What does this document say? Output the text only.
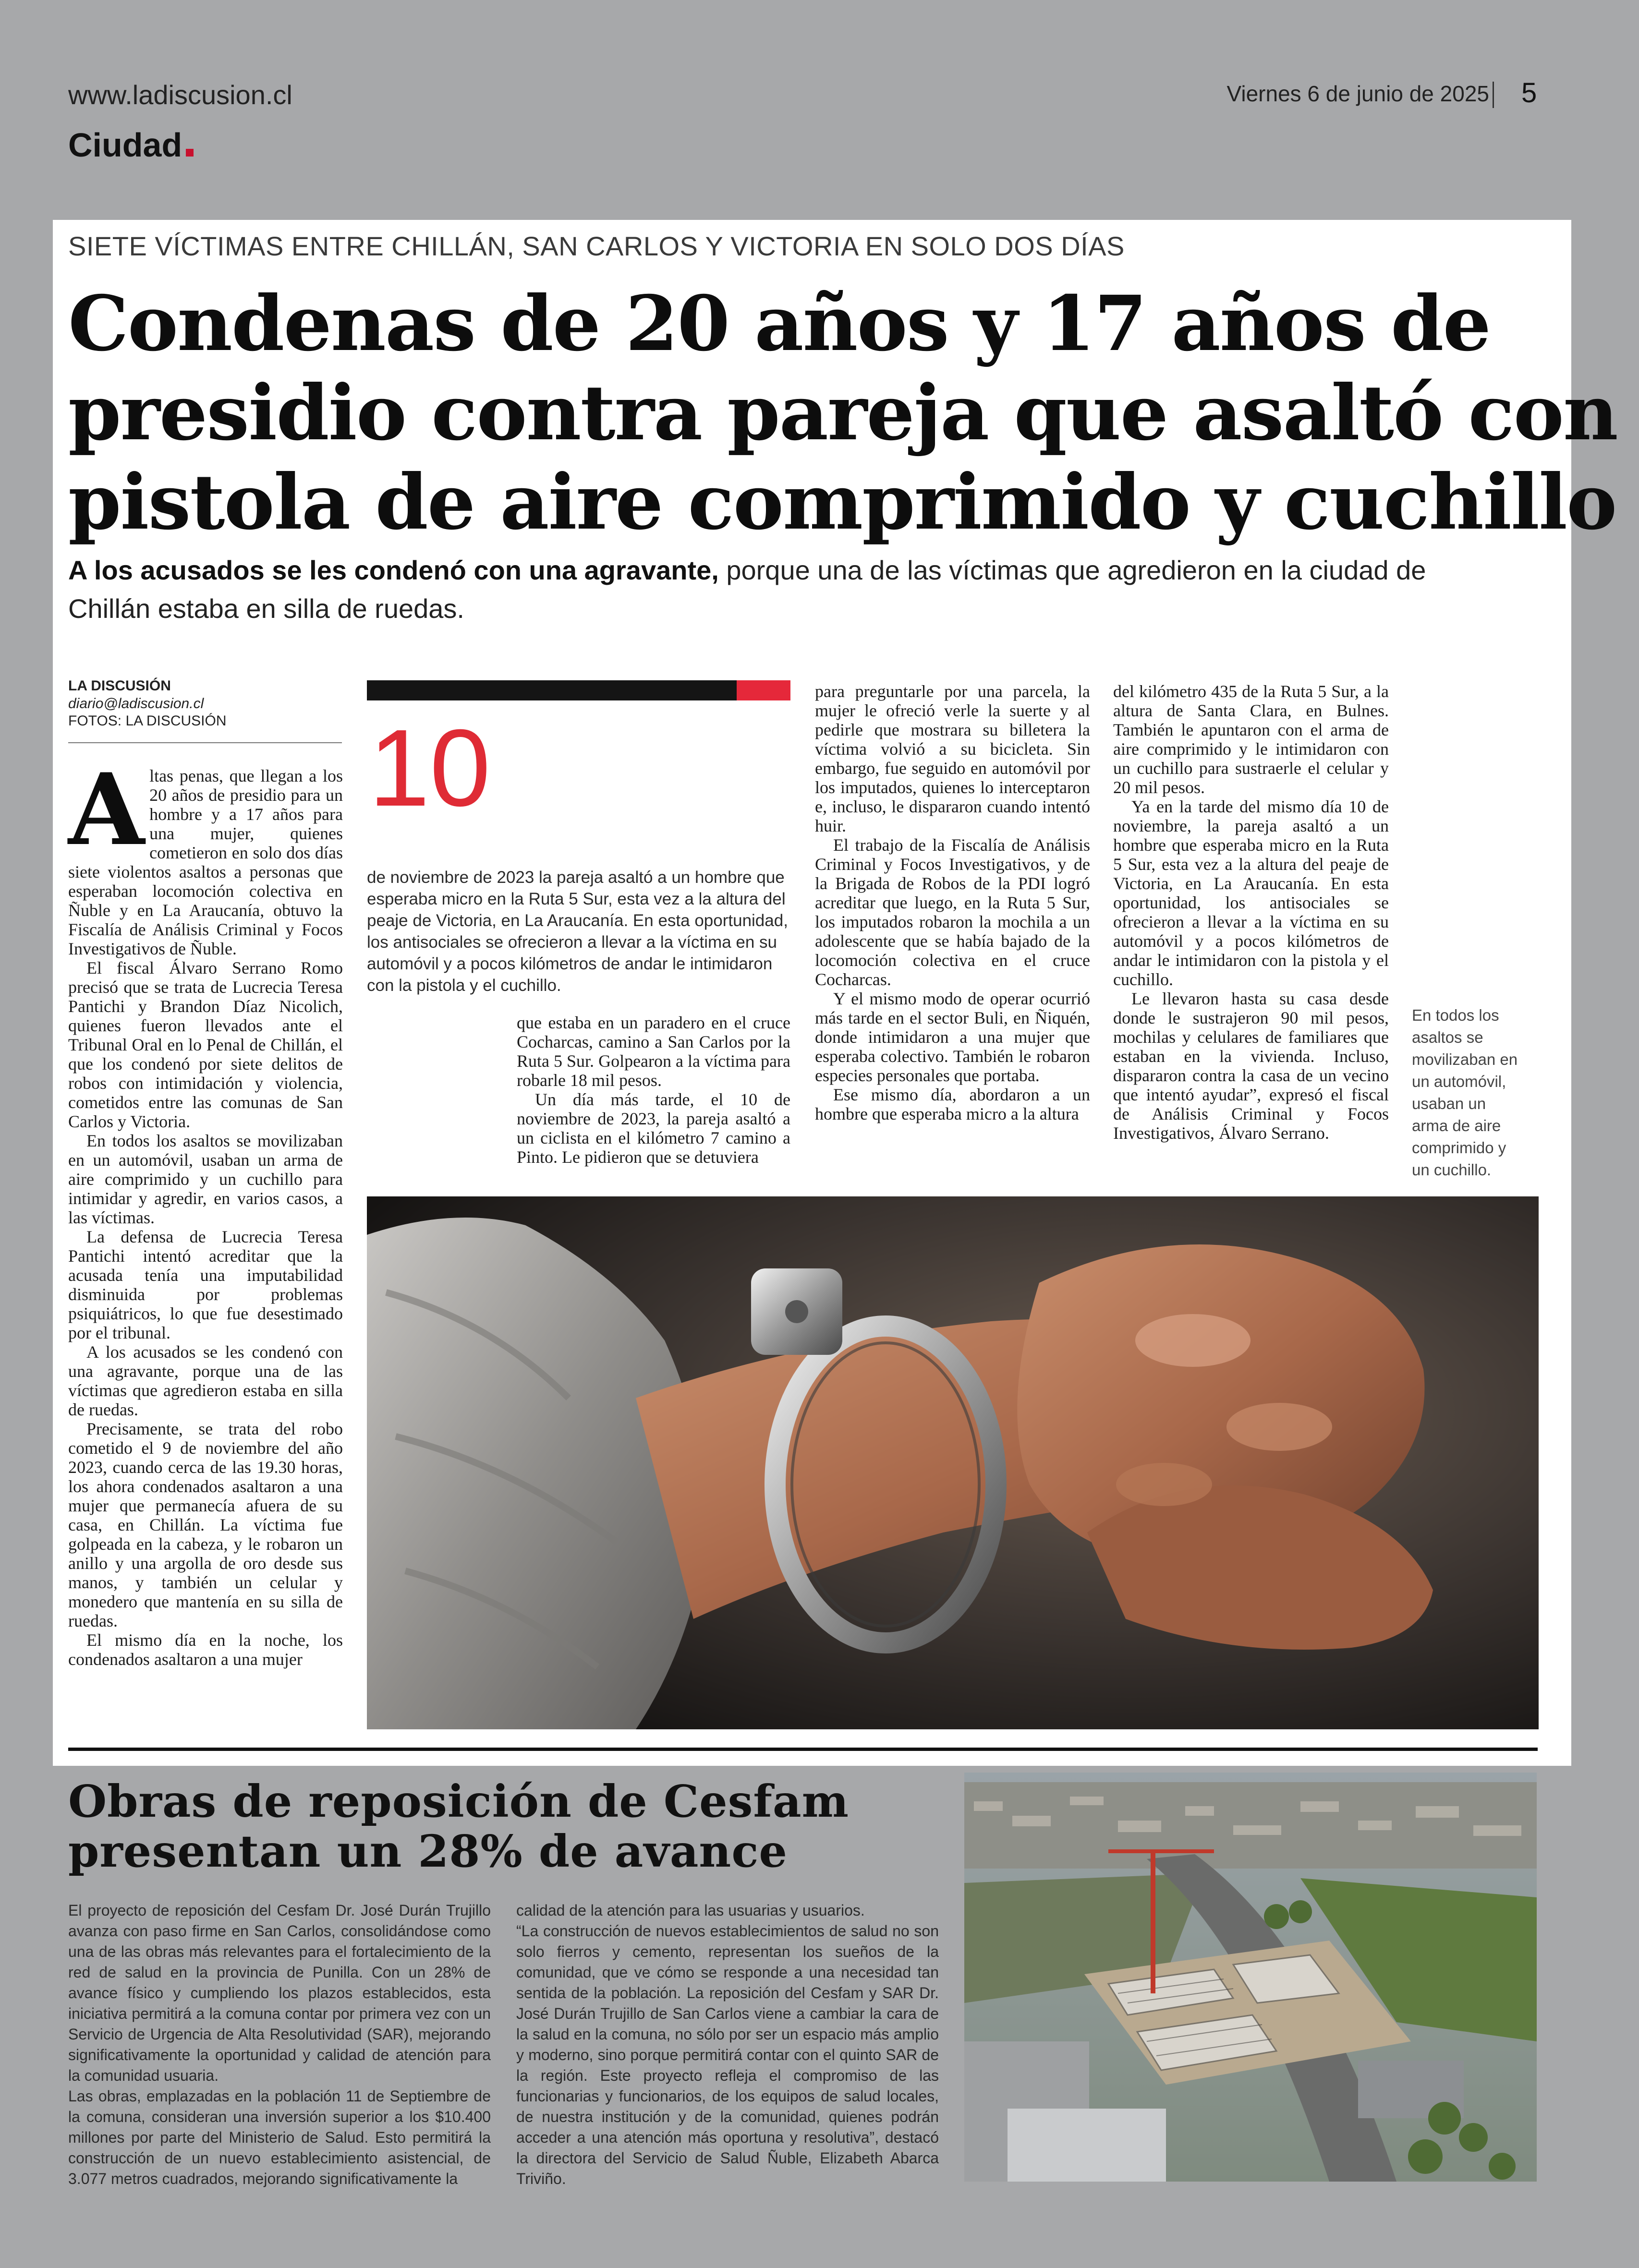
www.ladiscusion.cl
Ciudad
Viernes 6 de junio de 2025 5
SIETE VÍCTIMAS ENTRE CHILLÁN, SAN CARLOS Y VICTORIA EN SOLO DOS DÍAS
Condenas de 20 años y 17 años de
presidio contra pareja que asaltó con
pistola de aire comprimido y cuchillo
A los acusados se les condenó con una agravante, porque una de las víctimas que agredieron en la ciudad de Chillán estaba en silla de ruedas.
LA DISCUSIÓN
diario@ladiscusion.cl
FOTOS: LA DISCUSIÓN
A ltas penas, que llegan a los 20 años de presidio para un hombre y a 17 años para una mujer, quienes cometieron en solo dos días siete violentos asaltos a personas que esperaban locomoción colectiva en Ñuble y en La Araucanía, obtuvo la Fiscalía de Análisis Criminal y Focos Investigativos de Ñuble.

El fiscal Álvaro Serrano Romo precisó que se trata de Lucrecia Teresa Pantichi y Brandon Díaz Nicolich, quienes fueron llevados ante el Tribunal Oral en lo Penal de Chillán, el que los condenó por siete delitos de robos con intimidación y violencia, cometidos entre las comunas de San Carlos y Victoria.

En todos los asaltos se movilizaban en un automóvil, usaban un arma de aire comprimido y un cuchillo para intimidar y agredir, en varios casos, a las víctimas.

La defensa de Lucrecia Teresa Pantichi intentó acreditar que la acusada tenía una imputabilidad disminuida por problemas psiquiátricos, lo que fue desestimado por el tribunal.

A los acusados se les condenó con una agravante, porque una de las víctimas que agredieron estaba en silla de ruedas.

Precisamente, se trata del robo cometido el 9 de noviembre del año 2023, cuando cerca de las 19.30 horas, los ahora condenados asaltaron a una mujer que permanecía afuera de su casa, en Chillán. La víctima fue golpeada en la cabeza, y le robaron un anillo y una argolla de oro desde sus manos, y también un celular y monedero que mantenía en su silla de ruedas.

El mismo día en la noche, los condenados asaltaron a una mujer

10
de noviembre de 2023 la pareja asaltó a un hombre que esperaba micro en la Ruta 5 Sur, esta vez a la altura del peaje de Victoria, en La Araucanía. En esta oportunidad, los antisociales se ofrecieron a llevar a la víctima en su automóvil y a pocos kilómetros de andar le intimidaron con la pistola y el cuchillo.

que estaba en un paradero en el cruce Cocharcas, camino a San Carlos por la Ruta 5 Sur. Golpearon a la víctima para robarle 18 mil pesos.

Un día más tarde, el 10 de noviembre de 2023, la pareja asaltó a un ciclista en el kilómetro 7 camino a Pinto. Le pidieron que se detuviera

para preguntarle por una parcela, la mujer le ofreció verle la suerte y al pedirle que mostrara su billetera la víctima volvió a su bicicleta. Sin embargo, fue seguido en automóvil por los imputados, quienes lo interceptaron e, incluso, le dispararon cuando intentó huir.

El trabajo de la Fiscalía de Análisis Criminal y Focos Investigativos, y de la Brigada de Robos de la PDI logró acreditar que luego, en la Ruta 5 Sur, los imputados robaron la mochila a un adolescente que se había bajado de la locomoción colectiva en el cruce Cocharcas.

Y el mismo modo de operar ocurrió más tarde en el sector Buli, en Ñiquén, donde intimidaron a una mujer que esperaba colectivo. También le robaron especies personales que portaba.

Ese mismo día, abordaron a un hombre que esperaba micro a la altura

del kilómetro 435 de la Ruta 5 Sur, a la altura de Santa Clara, en Bulnes. También le apuntaron con el arma de aire comprimido y le intimidaron con un cuchillo para sustraerle el celular y 20 mil pesos.

Ya en la tarde del mismo día 10 de noviembre, la pareja asaltó a un hombre que esperaba micro en la Ruta 5 Sur, esta vez a la altura del peaje de Victoria, en La Araucanía. En esta oportunidad, los antisociales se ofrecieron a llevar a la víctima en su automóvil y a pocos kilómetros de andar le intimidaron con la pistola y el cuchillo.

Le llevaron hasta su casa desde donde le sustrajeron 90 mil pesos, mochilas y celulares de familiares que estaban en la vivienda. Incluso, dispararon contra la casa de un vecino que intentó ayudar”, expresó el fiscal de Análisis Criminal y Focos Investigativos, Álvaro Serrano.

En todos los asaltos se movilizaban en un automóvil, usaban un arma de aire comprimido y un cuchillo.
Obras de reposición de Cesfam
presentan un 28% de avance

El proyecto de reposición del Cesfam Dr. José Durán Trujillo avanza con paso firme en San Carlos, consolidándose como una de las obras más relevantes para el fortalecimiento de la red de salud en la provincia de Punilla. Con un 28% de avance físico y cumpliendo los plazos establecidos, esta iniciativa permitirá a la comuna contar por primera vez con un Servicio de Urgencia de Alta Resolutividad (SAR), mejorando significativamente la oportunidad y calidad de atención para la comunidad usuaria.

Las obras, emplazadas en la población 11 de Septiembre de la comuna, consideran una inversión superior a los $10.400 millones por parte del Ministerio de Salud. Esto permitirá la construcción de un nuevo establecimiento asistencial, de 3.077 metros cuadrados, mejorando significativamente la

calidad de la atención para las usuarias y usuarios.

“La construcción de nuevos establecimientos de salud no son solo fierros y cemento, representan los sueños de la comunidad, que ve cómo se responde a una necesidad tan sentida de la población. La reposición del Cesfam y SAR Dr. José Durán Trujillo de San Carlos viene a cambiar la cara de la salud en la comuna, no sólo por ser un espacio más amplio y moderno, sino porque permitirá contar con el quinto SAR de la región. Este proyecto refleja el compromiso de las funcionarias y funcionarios, de los equipos de salud locales, de nuestra institución y de la comunidad, quienes podrán acceder a una atención más oportuna y resolutiva”, destacó la directora del Servicio de Salud Ñuble, Elizabeth Abarca Triviño.
